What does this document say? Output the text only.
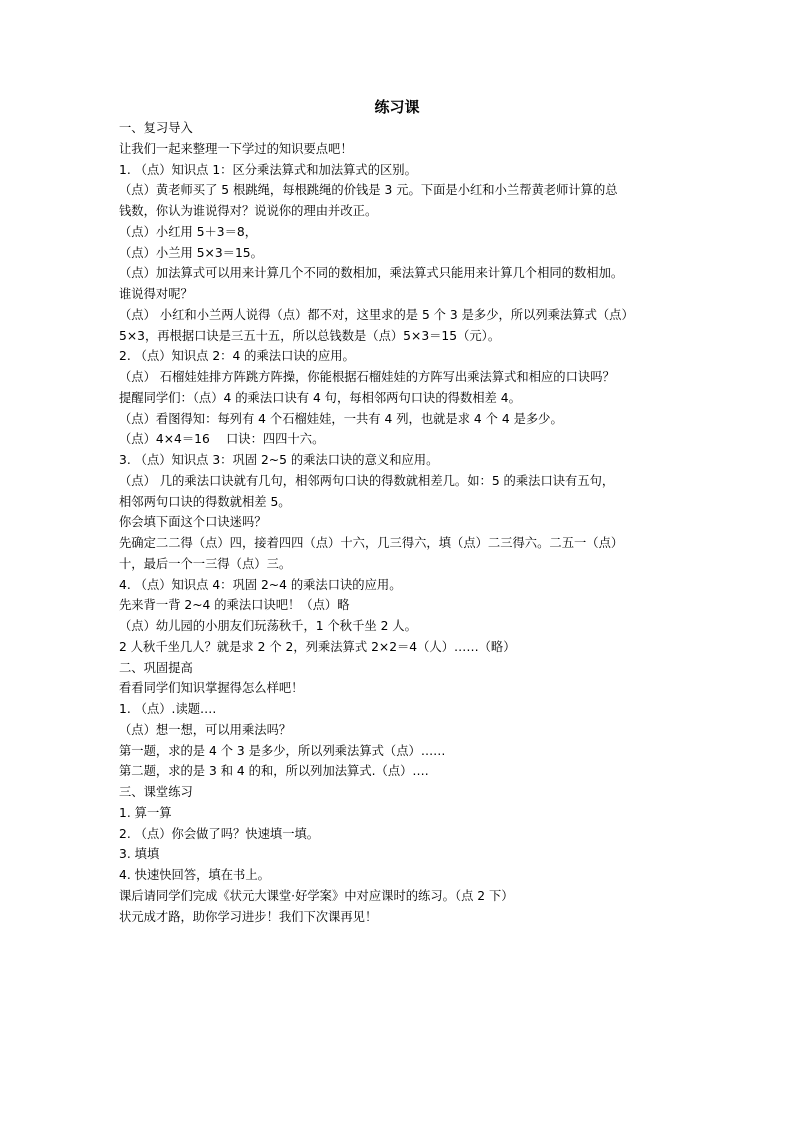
练习课
一、复习导入
让我们一起来整理一下学过的知识要点吧！
1. （点）知识点 1：区分乘法算式和加法算式的区别。
（点）黄老师买了 5 根跳绳，每根跳绳的价钱是 3 元。下面是小红和小兰帮黄老师计算的总
钱数，你认为谁说得对？说说你的理由并改正。
（点）小红用 5＋3＝8，
（点）小兰用 5×3＝15。
（点）加法算式可以用来计算几个不同的数相加，乘法算式只能用来计算几个相同的数相加。
谁说得对呢？
（点） 小红和小兰两人说得（点）都不对，这里求的是 5 个 3 是多少，所以列乘法算式（点）
5×3，再根据口诀是三五十五，所以总钱数是（点）5×3＝15（元）。
2. （点）知识点 2：4 的乘法口诀的应用。
（点） 石榴娃娃排方阵跳方阵操，你能根据石榴娃娃的方阵写出乘法算式和相应的口诀吗？
提醒同学们：（点）4 的乘法口诀有 4 句，每相邻两句口诀的得数相差 4。
（点）看图得知：每列有 4 个石榴娃娃，一共有 4 列，也就是求 4 个 4 是多少。
（点）4×4＝16　 口诀：四四十六。
3. （点）知识点 3：巩固 2~5 的乘法口诀的意义和应用。
（点） 几的乘法口诀就有几句，相邻两句口诀的得数就相差几。如：5 的乘法口诀有五句，
相邻两句口诀的得数就相差 5。
你会填下面这个口诀迷吗？
先确定二二得（点）四，接着四四（点）十六，几三得六，填（点）二三得六。二五一（点）
十，最后一个一三得（点）三。
4. （点）知识点 4：巩固 2~4 的乘法口诀的应用。
先来背一背 2~4 的乘法口诀吧！（点）略
（点）幼儿园的小朋友们玩荡秋千，1 个秋千坐 2 人。
2 人秋千坐几人？就是求 2 个 2，列乘法算式 2×2＝4（人）……（略）
二、巩固提高
看看同学们知识掌握得怎么样吧！
1. （点）.读题….
（点）想一想，可以用乘法吗？
第一题，求的是 4 个 3 是多少，所以列乘法算式（点）……
第二题，求的是 3 和 4 的和，所以列加法算式.（点）….
三、课堂练习
1. 算一算
2. （点）你会做了吗？快速填一填。
3. 填填
4. 快速快回答，填在书上。
课后请同学们完成《状元大课堂·好学案》中对应课时的练习。（点 2 下）
状元成才路，助你学习进步！我们下次课再见！
